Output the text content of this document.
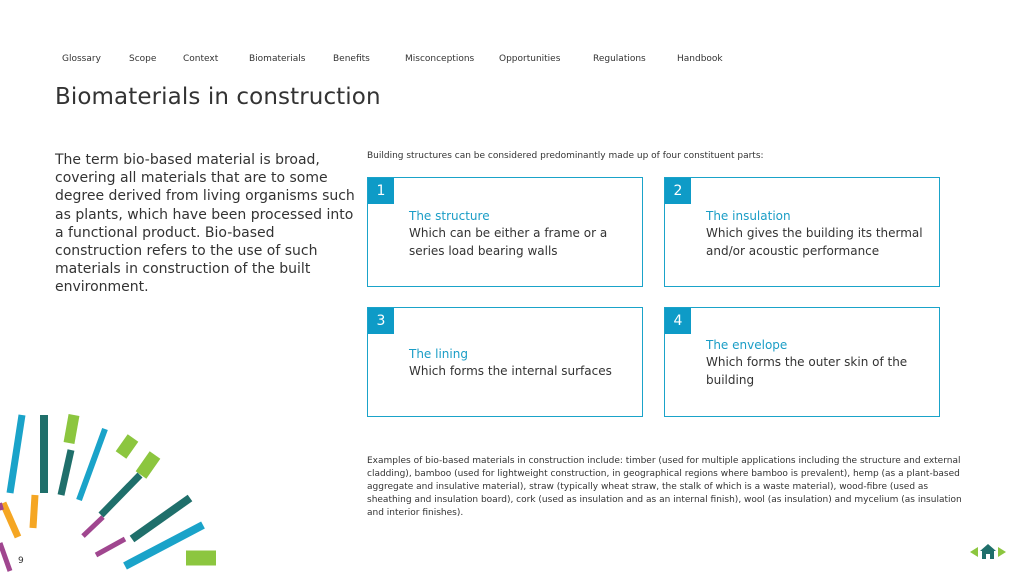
Glossary	Scope	Context	Biomaterials	Benefits	Misconceptions	Opportunities	Regulations	Handbook
Biomaterials in construction
The term bio-based material is broad, covering all materials that are to some degree derived from living organisms such as plants, which have been processed into a functional product. Bio-based construction refers to the use of such materials in construction of the built environment.
Building structures can be considered predominantly made up of four constituent parts:
1
The structure
Which can be either a frame or a series load bearing walls
2
The insulation
Which gives the building its thermal and/or acoustic performance
3
The lining
Which forms the internal surfaces
4
The envelope
Which forms the outer skin of the building
Examples of bio-based materials in construction include: timber (used for multiple applications including the structure and external cladding), bamboo (used for lightweight construction, in geographical regions where bamboo is prevalent), hemp (as a plant-based aggregate and insulative material), straw (typically wheat straw, the stalk of which is a waste material), wood-fibre (used as sheathing and insulation board), cork (used as insulation and as an internal finish), wool (as insulation) and mycelium (as insulation and interior finishes).
9
